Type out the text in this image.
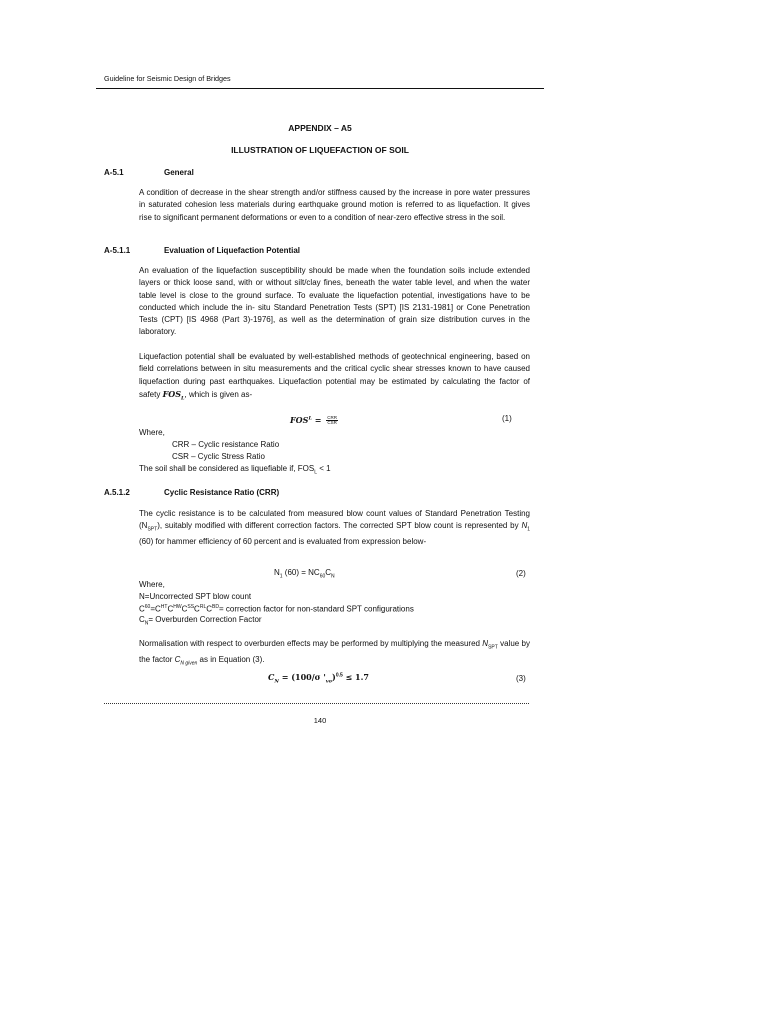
Guideline for Seismic Design of Bridges
APPENDIX – A5
ILLUSTRATION OF LIQUEFACTION OF SOIL
A-5.1	General
A condition of decrease in the shear strength and/or stiffness caused by the increase in pore water pressures in saturated cohesion less materials during earthquake ground motion is referred to as liquefaction. It gives rise to significant permanent deformations or even to a condition of near-zero effective stress in the soil.
A-5.1.1	Evaluation of Liquefaction Potential
An evaluation of the liquefaction susceptibility should be made when the foundation soils include extended layers or thick loose sand, with or without silt/clay fines, beneath the water table level, and when the water table level is close to the ground surface. To evaluate the liquefaction potential, investigations have to be conducted which include the in- situ Standard Penetration Tests (SPT) [IS 2131-1981] or Cone Penetration Tests (CPT) [IS 4968 (Part 3)-1976], as well as the determination of grain size distribution curves in the laboratory.
Liquefaction potential shall be evaluated by well-established methods of geotechnical engineering, based on field correlations between in situ measurements and the critical cyclic shear stresses known to have caused liquefaction during past earthquakes. Liquefaction potential may be estimated by calculating the factor of safety $FOS_L$, which is given as-
$FOS^L = \frac{\text{CRR}}{\text{CSR}}$	(1)
Where,
CRR – Cyclic resistance Ratio
CSR – Cyclic Stress Ratio
The soil shall be considered as liquefiable if, $FOS_L < 1$
A.5.1.2	Cyclic Resistance Ratio (CRR)
The cyclic resistance is to be calculated from measured blow count values of Standard Penetration Testing $(N_{SPT})$, suitably modified with different correction factors. The corrected SPT blow count is represented by $N_1$ (60) for hammer efficiency of 60 percent and is evaluated from expression below-
$N_1$ $(60) = NC_{60}C_N$	(2)
Where,
N=Uncorrected SPT blow count
$C^{60}=C^{HT}C^{HW}C^{SS}C^{RL}C^{BD}=$ correction factor for non-standard SPT configurations
$C_N=$ Overburden Correction Factor
Normalisation with respect to overburden effects may be performed by multiplying the measured $N_{SPT}$ value by the factor $C_{N given}$ as in Equation (3).
$C_N = (100/\sigma$ '$_{vo})^{0.5} \le 1.7$	(3)
140
